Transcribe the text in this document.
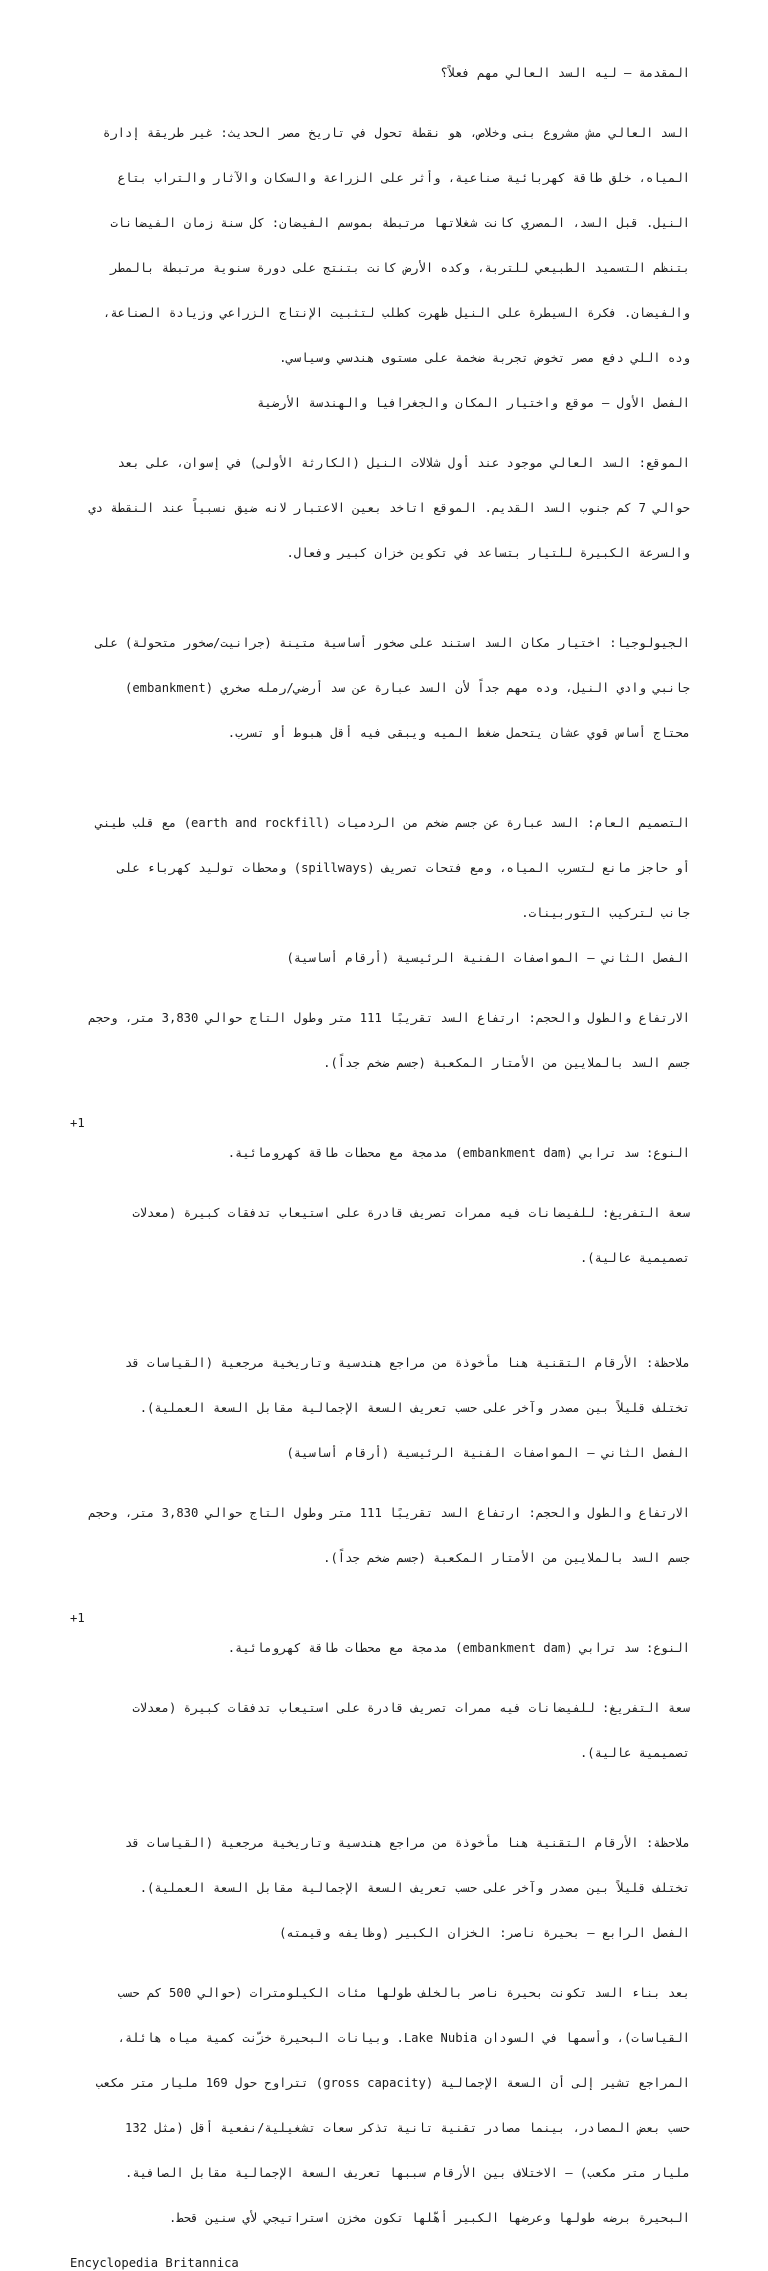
المقدمة – ليه السد العالي مهم فعلاً؟

السد العالي مش مشروع بنى وخلاص، هو نقطة تحول في تاريخ مصر الحديث: غير طريقة إدارة

المياه، خلق طاقة كهربائية صناعية، وأثر على الزراعة والسكان والآثار والتراب بتاع

النيل. قبل السد، المصري كانت شغلاتها مرتبطة بموسم الفيضان: كل سنة زمان الفيضانات

بتنظم التسميد الطبيعي للتربة، وكده الأرض كانت بتنتج على دورة سنوية مرتبطة بالمطر

والفيضان. فكرة السيطرة على النيل ظهرت كطلب لتثبيت الإنتاج الزراعي وزيادة الصناعة،

وده اللي دفع مصر تخوض تجربة ضخمة على مستوى هندسي وسياسي.

الفصل الأول – موقع واختيار المكان والجغرافيا والهندسة الأرضية

الموقع: السد العالي موجود عند أول شلالات النيل (الكارثة الأولى) في إسوان، على بعد

حوالي 7 كم جنوب السد القديم. الموقع اتاخد بعين الاعتبار لانه ضيق نسبياً عند النقطة دي

والسرعة الكبيرة للتيار بتساعد في تكوين خزان كبير وفعال.

الجيولوجيا: اختيار مكان السد استند على صخور أساسية متينة (جرانيت/صخور متحولة) على

جانبي وادي النيل، وده مهم جداً لأن السد عبارة عن سد أرضي/رمله صخري (embankment)

محتاج أساس قوي عشان يتحمل ضغط الميه ويبقى فيه أقل هبوط أو تسرب.

التصميم العام: السد عبارة عن جسم ضخم من الردميات (earth and rockfill) مع قلب طيني

أو حاجز مانع لتسرب المياه، ومع فتحات تصريف (spillways) ومحطات توليد كهرباء على

جانب لتركيب التوربينات.

الفصل الثاني – المواصفات الفنية الرئيسية (أرقام أساسية)

الارتفاع والطول والحجم: ارتفاع السد تقريبًا 111 متر وطول التاج حوالي 3,830 متر، وحجم

جسم السد بالملايين من الأمتار المكعبة (جسم ضخم جداً).

+1
النوع: سد ترابي (embankment dam) مدمجة مع محطات طاقة كهرومائية.

سعة التفريغ: للفيضانات فيه ممرات تصريف قادرة على استيعاب تدفقات كبيرة (معدلات

تصميمية عالية).

ملاحظة: الأرقام التقنية هنا مأخوذة من مراجع هندسية وتاريخية مرجعية (القياسات قد

تختلف قليلاً بين مصدر وآخر على حسب تعريف السعة الإجمالية مقابل السعة العملية).

الفصل الثاني – المواصفات الفنية الرئيسية (أرقام أساسية)

الارتفاع والطول والحجم: ارتفاع السد تقريبًا 111 متر وطول التاج حوالي 3,830 متر، وحجم

جسم السد بالملايين من الأمتار المكعبة (جسم ضخم جداً).

+1
النوع: سد ترابي (embankment dam) مدمجة مع محطات طاقة كهرومائية.

سعة التفريغ: للفيضانات فيه ممرات تصريف قادرة على استيعاب تدفقات كبيرة (معدلات

تصميمية عالية).

ملاحظة: الأرقام التقنية هنا مأخوذة من مراجع هندسية وتاريخية مرجعية (القياسات قد

تختلف قليلاً بين مصدر وآخر على حسب تعريف السعة الإجمالية مقابل السعة العملية).

الفصل الرابع – بحيرة ناصر: الخزان الكبير (وظايفه وقيمته)

بعد بناء السد تكونت بحيرة ناصر بالخلف طولها مئات الكيلومترات (حوالي 500 كم حسب

القياسات)، وأسمها في السودان Lake Nubia. وبيانات البحيرة خزّنت كمية مياه هائلة،

المراجع تشير إلى أن السعة الإجمالية (gross capacity) تتراوح حول 169 مليار متر مكعب

حسب بعض المصادر، بينما مصادر تقنية تانية تذكر سعات تشغيلية/نفعية أقل (مثل 132

مليار متر مكعب) – الاختلاف بين الأرقام سببها تعريف السعة الإجمالية مقابل الصافية.

البحيرة برضه طولها وعرضها الكبير أهّلها تكون مخزن استراتيجي لأي سنين قحط.

Encyclopedia Britannica
